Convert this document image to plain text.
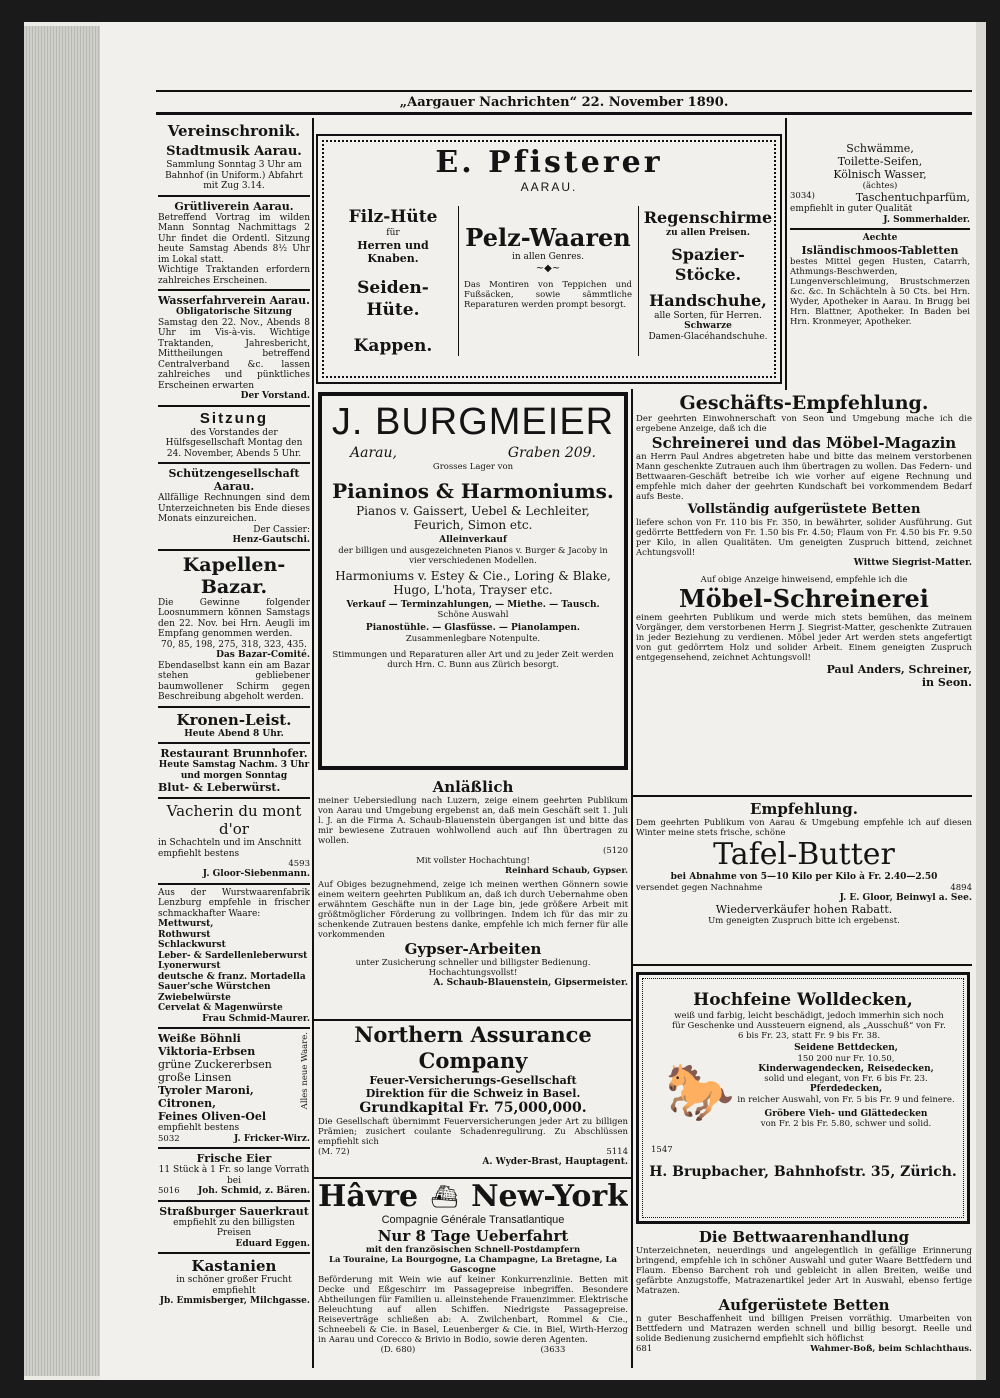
„Aargauer Nachrichten“ 22. November 1890.
Vereinschronik.
Stadtmusik Aarau.
Sammlung Sonntag 3 Uhr am Bahnhof (in Uniform.) Abfahrt mit Zug 3.14.
Grütliverein Aarau.
Betreffend Vortrag im wilden Mann Sonntag Nachmittags 2 Uhr findet die Ordentl. Sitzung heute Samstag Abends 8½ Uhr im Lokal statt.
Wichtige Traktanden erfordern zahlreiches Erscheinen.
Wasserfahrverein Aarau.
Obligatorische Sitzung
Samstag den 22. Nov., Abends 8 Uhr im Vis-à-vis. Wichtige Traktanden, Jahresbericht, Mittheilungen betreffend Centralverband &c. lassen zahlreiches und pünktliches Erscheinen erwarten
Der Vorstand.
Sitzung
des Vorstandes der Hülfsgesellschaft Montag den 24. November, Abends 5 Uhr.
Schützengesellschaft Aarau.
Allfällige Rechnungen sind dem Unterzeichneten bis Ende dieses Monats einzureichen.
Der Cassier:
Henz-Gautschi.
Kapellen-Bazar.
Die Gewinne folgender Loosnummern können Samstags den 22. Nov. bei Hrn. Aeugli im Empfang genommen werden.
70, 85, 198, 275, 318, 323, 435.
Das Bazar-Comité.
Ebendaselbst kann ein am Bazar stehen gebliebener baumwollener Schirm gegen Beschreibung abgeholt werden.
Kronen-Leist.
Heute Abend 8 Uhr.
Restaurant Brunnhofer.
Heute Samstag Nachm. 3 Uhr und morgen Sonntag
Blut- & Leberwürst.
Vacherin du mont d'or
in Schachteln und im Anschnitt empfiehlt bestens
4593
J. Gloor-Siebenmann.
Aus der Wurstwaarenfabrik Lenzburg empfehle in frischer schmackhafter Waare:
Mettwurst,
Rothwurst
Schlackwurst
Leber- & Sardellenleberwurst
Lyonerwurst
deutsche & franz. Mortadella
Sauer'sche Würstchen
Zwiebelwürste
Cervelat & Magenwürste
Frau Schmid-Maurer.
Weiße Böhnli
Viktoria-Erbsen
grüne Zuckererbsen
große Linsen
Tyroler Maroni, Citronen,
Feines Oliven-Oel
Alles neue Waare.
empfiehlt bestens
5032	J. Fricker-Wirz.
Frische Eier
11 Stück à 1 Fr. so lange Vorrath bei
5016 Joh. Schmid, z. Bären.
Straßburger Sauerkraut
empfiehlt zu den billigsten Preisen
Eduard Eggen.
Kastanien
in schöner großer Frucht empfiehlt
Jb. Emmisberger, Milchgasse.
E. Pfisterer
AARAU.
Filz-Hüte
für
Herren und Knaben.
Seiden-Hüte.
Kappen.
Pelz-Waaren
in allen Genres.
~◆~
Das Montiren von Teppichen und Fußsäcken, sowie sämmtliche Reparaturen werden prompt besorgt.
Regenschirme
zu allen Preisen.
Spazier-Stöcke.
Handschuhe,
alle Sorten, für Herren.
Schwarze
Damen-Glacéhandschuhe.
Schwämme,
Toilette-Seifen,
Kölnisch Wasser,
(ächtes)
3034)	Taschentuchparfüm,
empfiehlt in guter Qualität
J. Sommerhalder.
Aechte
Isländischmoos-Tabletten
bestes Mittel gegen Husten, Catarrh, Athmungs-Beschwerden, Lungenverschleimung, Brustschmerzen &c. &c. In Schächteln à 50 Cts. bei Hrn. Wyder, Apotheker in Aarau. In Brugg bei Hrn. Blattner, Apotheker. In Baden bei Hrn. Kronmeyer, Apotheker.
J. BURGMEIER
Aarau,	Graben 209.
Grosses Lager von
Pianinos & Harmoniums.
Pianos v. Gaissert, Uebel & Lechleiter, Feurich, Simon etc.
Alleinverkauf
der billigen und ausgezeichneten Pianos v. Burger & Jacoby in vier verschiedenen Modellen.
Harmoniums v. Estey & Cie., Loring & Blake, Hugo, L'hota, Trayser etc.
Verkauf — Terminzahlungen, — Miethe. — Tausch.
Schöne Auswahl
Pianostühle. — Glasfüsse. — Pianolampen.
Zusammenlegbare Notenpulte.
Stimmungen und Reparaturen aller Art und zu jeder Zeit werden durch Hrn. C. Bunn aus Zürich besorgt.
Anläßlich
meiner Uebersiedlung nach Luzern, zeige einem geehrten Publikum von Aarau und Umgebung ergebenst an, daß mein Geschäft seit 1. Juli l. J. an die Firma A. Schaub-Blauenstein übergangen ist und bitte das mir bewiesene Zutrauen wohlwollend auch auf Ihn übertragen zu wollen.
(5120
Mit vollster Hochachtung!
Reinhard Schaub, Gypser.
Auf Obiges bezugnehmend, zeige ich meinen werthen Gönnern sowie einem weitern geehrten Publikum an, daß ich durch Uebernahme oben erwähntem Geschäfte nun in der Lage bin, jede größere Arbeit mit größtmöglicher Förderung zu vollbringen. Indem ich für das mir zu schenkende Zutrauen bestens danke, empfehle ich mich ferner für alle vorkommenden
Gypser-Arbeiten
unter Zusicherung schneller und billigster Bedienung. Hochachtungsvollst!
A. Schaub-Blauenstein, Gipsermeister.
Northern Assurance Company
Feuer-Versicherungs-Gesellschaft
Direktion für die Schweiz in Basel.
Grundkapital Fr. 75,000,000.
Die Gesellschaft übernimmt Feuerversicherungen jeder Art zu billigen Prämien; zusichert coulante Schadenregulirung. Zu Abschlüssen empfiehlt sich
(M. 72)	5114
A. Wyder-Brast, Hauptagent.
Hâvre ⛴ New-York
Compagnie Générale Transatlantique
Nur 8 Tage Ueberfahrt
mit den französischen Schnell-Postdampfern
La Touraine, La Bourgogne, La Champagne, La Bretagne, La Gascogne
Beförderung mit Wein wie auf keiner Konkurrenzlinie. Betten mit Decke und Eßgeschirr im Passagepreise inbegriffen. Besondere Abtheilungen für Familien u. alleinstehende Frauenzimmer. Elektrische Beleuchtung auf allen Schiffen. Niedrigste Passagepreise. Reiseverträge schließen ab: A. Zwilchenbart, Rommel & Cie., Schneebeli & Cie. in Basel, Leuenberger & Cie. in Biel, Wirth-Herzog in Aarau und Corecco & Brivio in Bodio, sowie deren Agenten.
(D. 680)	(3633
Geschäfts-Empfehlung.
Der geehrten Einwohnerschaft von Seon und Umgebung mache ich die ergebene Anzeige, daß ich die
Schreinerei und das Möbel-Magazin
an Herrn Paul Andres abgetreten habe und bitte das meinem verstorbenen Mann geschenkte Zutrauen auch ihm übertragen zu wollen. Das Federn- und Bettwaaren-Geschäft betreibe ich wie vorher auf eigene Rechnung und empfehle mich daher der geehrten Kundschaft bei vorkommendem Bedarf aufs Beste.
Vollständig aufgerüstete Betten
liefere schon von Fr. 110 bis Fr. 350, in bewährter, solider Ausführung. Gut gedörrte Bettfedern von Fr. 1.50 bis Fr. 4.50; Flaum von Fr. 4.50 bis Fr. 9.50 per Kilo, in allen Qualitäten. Um geneigten Zuspruch bittend, zeichnet Achtungsvoll!
Wittwe Siegrist-Matter.
Auf obige Anzeige hinweisend, empfehle ich die
Möbel-Schreinerei
einem geehrten Publikum und werde mich stets bemühen, das meinem Vorgänger, dem verstorbenen Herrn J. Siegrist-Matter, geschenkte Zutrauen in jeder Beziehung zu verdienen. Möbel jeder Art werden stets angefertigt von gut gedörrtem Holz und solider Arbeit. Einem geneigten Zuspruch entgegensehend, zeichnet Achtungsvoll!
Paul Anders, Schreiner,
in Seon.
Empfehlung.
Dem geehrten Publikum von Aarau & Umgebung empfehle ich auf diesen Winter meine stets frische, schöne
Tafel-Butter
bei Abnahme von 5—10 Kilo per Kilo à Fr. 2.40—2.50
versendet gegen Nachnahme	4894
J. E. Gloor, Beinwyl a. See.
Wiederverkäufer hohen Rabatt.
Um geneigten Zuspruch bitte ich ergebenst.
Hochfeine Wolldecken,
weiß und farbig, leicht beschädigt, jedoch immerhin sich noch für Geschenke und Aussteuern eignend, als „Ausschuß“ von Fr. 6 bis Fr. 23, statt Fr. 9 bis Fr. 38.
🐎
1547
Seidene Bettdecken,
150 200 nur Fr. 10.50,
Kinderwagendecken, Reisedecken,
solid und elegant, von Fr. 6 bis Fr. 23.
Pferdedecken,
in reicher Auswahl, von Fr. 5 bis Fr. 9 und feinere.
Gröbere Vieh- und Glättedecken
von Fr. 2 bis Fr. 5.80, schwer und solid.
H. Brupbacher, Bahnhofstr. 35, Zürich.
Die Bettwaarenhandlung
Unterzeichneten, neuerdings und angelegentlich in gefällige Erinnerung bringend, empfehle ich in schöner Auswahl und guter Waare Bettfedern und Flaum. Ebenso Barchent roh und gebleicht in allen Breiten, weiße und gefärbte Anzugstoffe, Matrazenartikel jeder Art in Auswahl, ebenso fertige Matrazen.
Aufgerüstete Betten
n guter Beschaffenheit und billigen Preisen vorräthig. Umarbeiten von Bettfedern und Matrazen werden schnell und billig besorgt. Reelle und solide Bedienung zusichernd empfiehlt sich höflichst
681	Wahmer-Boß, beim Schlachthaus.
